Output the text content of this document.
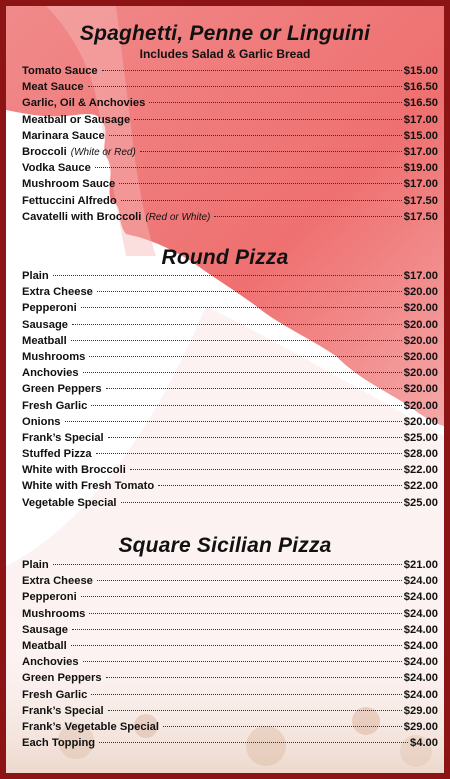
Spaghetti, Penne or Linguini
Includes Salad & Garlic Bread
Tomato Sauce	$15.00
Meat Sauce	$16.50
Garlic, Oil & Anchovies	$16.50
Meatball or Sausage	$17.00
Marinara Sauce	$15.00
Broccoli (White or Red)	$17.00
Vodka Sauce	$19.00
Mushroom Sauce	$17.00
Fettuccini Alfredo	$17.50
Cavatelli with Broccoli (Red or White)	$17.50
Round Pizza
Plain	$17.00
Extra Cheese	$20.00
Pepperoni	$20.00
Sausage	$20.00
Meatball	$20.00
Mushrooms	$20.00
Anchovies	$20.00
Green Peppers	$20.00
Fresh Garlic	$20.00
Onions	$20.00
Frank’s Special	$25.00
Stuffed Pizza	$28.00
White with Broccoli	$22.00
White with Fresh Tomato	$22.00
Vegetable Special	$25.00
Square Sicilian Pizza
Plain	$21.00
Extra Cheese	$24.00
Pepperoni	$24.00
Mushrooms	$24.00
Sausage	$24.00
Meatball	$24.00
Anchovies	$24.00
Green Peppers	$24.00
Fresh Garlic	$24.00
Frank’s Special	$29.00
Frank’s Vegetable Special	$29.00
Each Topping	$4.00
